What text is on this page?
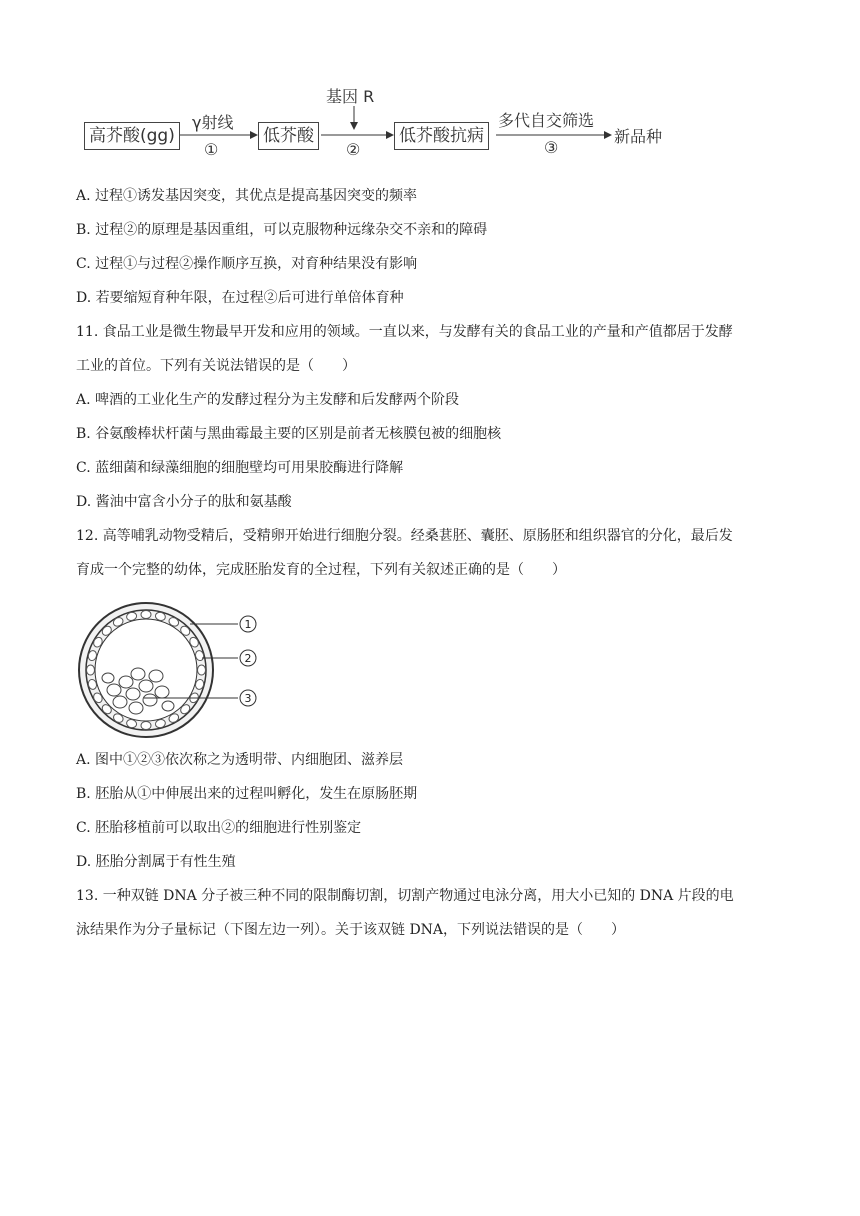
高芥酸(gg)
γ射线
①
低芥酸
基因 R
②
低芥酸抗病
多代自交筛选
③
新品种
A. 过程①诱发基因突变，其优点是提高基因突变的频率
B. 过程②的原理是基因重组，可以克服物种远缘杂交不亲和的障碍
C. 过程①与过程②操作顺序互换，对育种结果没有影响
D. 若要缩短育种年限，在过程②后可进行单倍体育种
11. 食品工业是微生物最早开发和应用的领域。一直以来，与发酵有关的食品工业的产量和产值都居于发酵
工业的首位。下列有关说法错误的是（　　）
A. 啤酒的工业化生产的发酵过程分为主发酵和后发酵两个阶段
B. 谷氨酸棒状杆菌与黑曲霉最主要的区别是前者无核膜包被的细胞核
C. 蓝细菌和绿藻细胞的细胞壁均可用果胶酶进行降解
D. 酱油中富含小分子的肽和氨基酸
12. 高等哺乳动物受精后，受精卵开始进行细胞分裂。经桑葚胚、囊胚、原肠胚和组织器官的分化，最后发
育成一个完整的幼体，完成胚胎发育的全过程，下列有关叙述正确的是（　　）
1
2
3
A. 图中①②③依次称之为透明带、内细胞团、滋养层
B. 胚胎从①中伸展出来的过程叫孵化，发生在原肠胚期
C. 胚胎移植前可以取出②的细胞进行性别鉴定
D. 胚胎分割属于有性生殖
13. 一种双链 DNA 分子被三种不同的限制酶切割，切割产物通过电泳分离，用大小已知的 DNA 片段的电
泳结果作为分子量标记（下图左边一列）。关于该双链 DNA，下列说法错误的是（　　）
